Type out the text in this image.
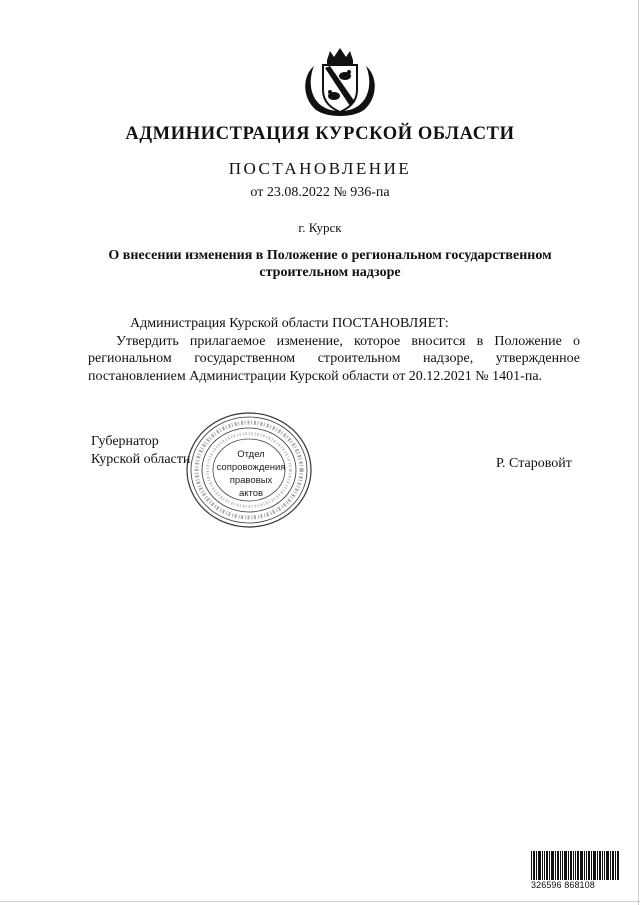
АДМИНИСТРАЦИЯ КУРСКОЙ ОБЛАСТИ
ПОСТАНОВЛЕНИЕ
от 23.08.2022 № 936-па
г. Курск
О внесении изменения в Положение о региональном государственном
строительном надзоре
Администрация Курской области ПОСТАНОВЛЯЕТ:
Утвердить прилагаемое изменение, которое вносится в Положение о региональном государственном строительном надзоре, утвержденное постановлением Администрации Курской области от 20.12.2021 № 1401-па.
Губернатор
Курской области	Р. Старовойт
Отдел
сопровождения
правовых
актов
326596 868108
